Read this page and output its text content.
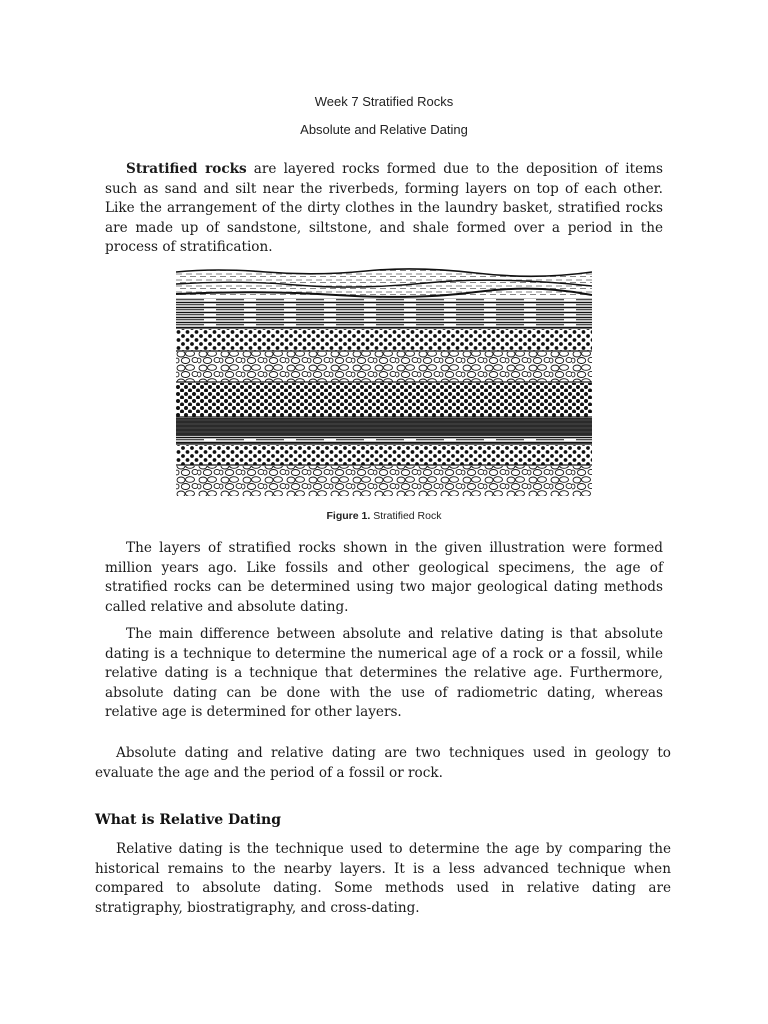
Week 7 Stratified Rocks
Absolute and Relative Dating

Stratified rocks are layered rocks formed due to the deposition of items such as sand and silt near the riverbeds, forming layers on top of each other. Like the arrangement of the dirty clothes in the laundry basket, stratified rocks are made up of sandstone, siltstone, and shale formed over a period in the process of stratification.

Figure 1. Stratified Rock

The layers of stratified rocks shown in the given illustration were formed million years ago. Like fossils and other geological specimens, the age of stratified rocks can be determined using two major geological dating methods called relative and absolute dating.

The main difference between absolute and relative dating is that absolute dating is a technique to determine the numerical age of a rock or a fossil, while relative dating is a technique that determines the relative age. Furthermore, absolute dating can be done with the use of radiometric dating, whereas relative age is determined for other layers.

Absolute dating and relative dating are two techniques used in geology to evaluate the age and the period of a fossil or rock.

What is Relative Dating

Relative dating is the technique used to determine the age by comparing the historical remains to the nearby layers. It is a less advanced technique when compared to absolute dating. Some methods used in relative dating are stratigraphy, biostratigraphy, and cross-dating.
